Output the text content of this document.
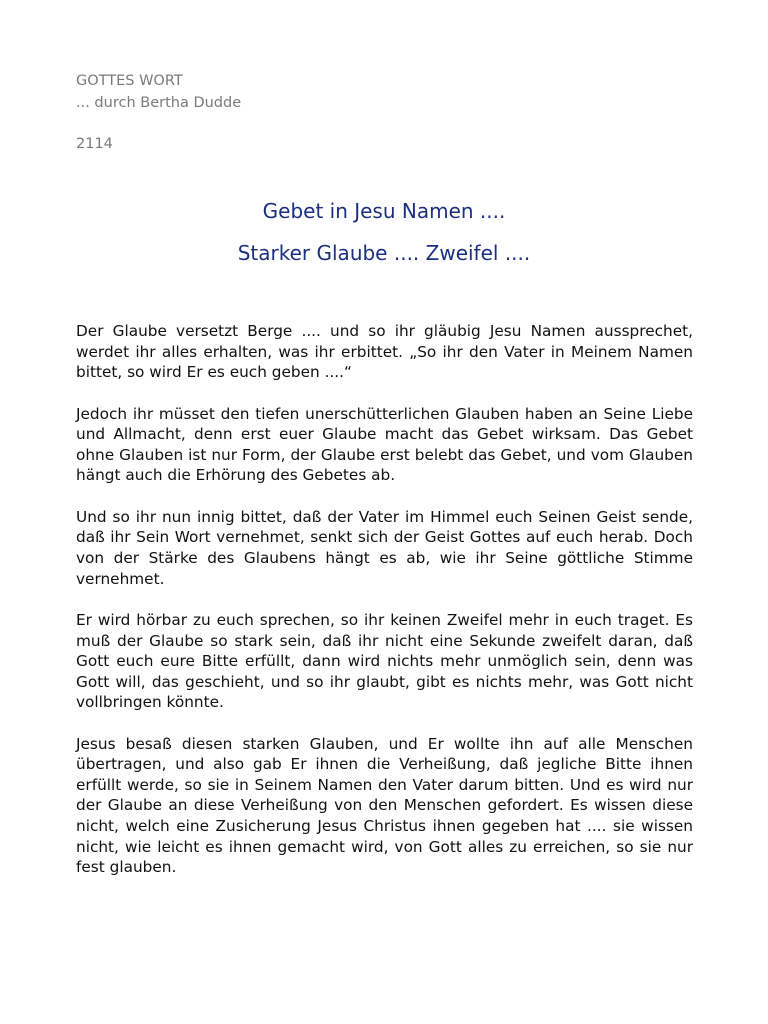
GOTTES WORT
... durch Bertha Dudde
2114
Gebet in Jesu Namen ....
Starker Glaube .... Zweifel ....

Der Glaube versetzt Berge .... und so ihr gläubig Jesu Namen aussprechet, werdet ihr alles erhalten, was ihr erbittet. „So ihr den Vater in Meinem Namen bittet, so wird Er es euch geben ....“

Jedoch ihr müsset den tiefen unerschütterlichen Glauben haben an Seine Liebe und Allmacht, denn erst euer Glaube macht das Gebet wirksam. Das Gebet ohne Glauben ist nur Form, der Glaube erst belebt das Gebet, und vom Glauben hängt auch die Erhörung des Gebetes ab.

Und so ihr nun innig bittet, daß der Vater im Himmel euch Seinen Geist sende, daß ihr Sein Wort vernehmet, senkt sich der Geist Gottes auf euch herab. Doch von der Stärke des Glaubens hängt es ab, wie ihr Seine göttliche Stimme vernehmet.

Er wird hörbar zu euch sprechen, so ihr keinen Zweifel mehr in euch traget. Es muß der Glaube so stark sein, daß ihr nicht eine Sekunde zweifelt daran, daß Gott euch eure Bitte erfüllt, dann wird nichts mehr unmöglich sein, denn was Gott will, das geschieht, und so ihr glaubt, gibt es nichts mehr, was Gott nicht vollbringen könnte.

Jesus besaß diesen starken Glauben, und Er wollte ihn auf alle Menschen übertragen, und also gab Er ihnen die Verheißung, daß jegliche Bitte ihnen erfüllt werde, so sie in Seinem Namen den Vater darum bitten. Und es wird nur der Glaube an diese Verheißung von den Menschen gefordert. Es wissen diese nicht, welch eine Zusicherung Jesus Christus ihnen gegeben hat .... sie wissen nicht, wie leicht es ihnen gemacht wird, von Gott alles zu erreichen, so sie nur fest glauben.
